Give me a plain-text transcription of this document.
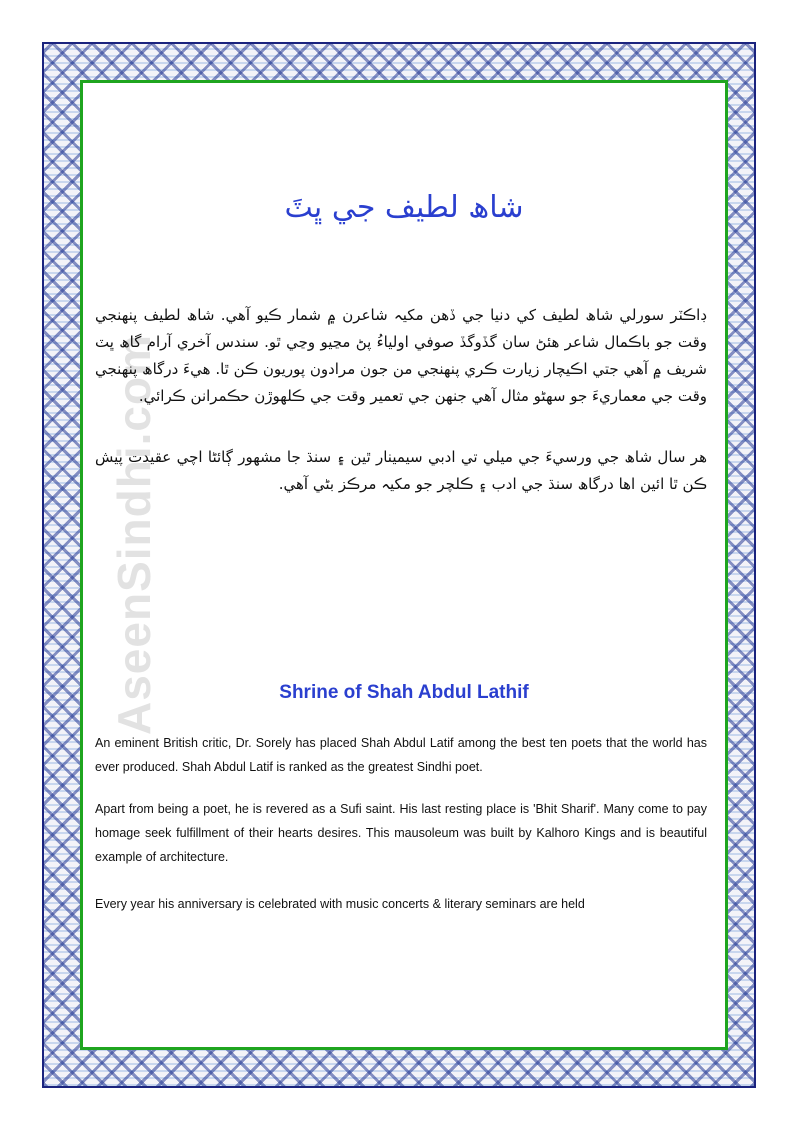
AseenSindhi.com
شاھ لطيف جي ڀٽَ

ڊاڪٽر سورلي شاھ لطيف کي دنيا جي ڏهن مکيہ شاعرن ۾ شمار ڪيو آهي. شاھ لطيف پنهنجي وقت جو باڪمال شاعر هئڻ سان گڏوگڏ صوفي اولياءُ پڻ مڃيو وڃي ٿو. سندس آخري آرام گاھ ڀٽ شريف ۾ آهي جتي اڪيچار زيارت ڪري پنهنجي من جون مرادون پوريون ڪن ٿا. هيءَ درگاھ پنهنجي وقت جي معماريءَ جو سهڻو مثال آهي جنهن جي تعمير وقت جي ڪلهوڙن حڪمرانن ڪرائي.

هر سال شاھ جي ورسيءَ جي ميلي تي ادبي سيمينار ٿين ۽ سنڌ جا مشهور ڳائڻا اچي عقيدت پيش ڪن ٿا ائين اها درگاھ سنڌ جي ادب ۽ ڪلچر جو مکيہ مرڪز بڻي آهي.

Shrine of Shah Abdul Lathif

An eminent British critic, Dr. Sorely has placed Shah Abdul Latif among the best ten poets that the world has ever produced. Shah Abdul Latif is ranked as the greatest Sindhi poet.

Apart from being a poet, he is revered as a Sufi saint. His last resting place is 'Bhit Sharif'. Many come to pay homage seek fulfillment of their hearts desires. This mausoleum was built by Kalhoro Kings and is beautiful example of architecture.

Every year his anniversary is celebrated with music concerts & literary seminars are held
